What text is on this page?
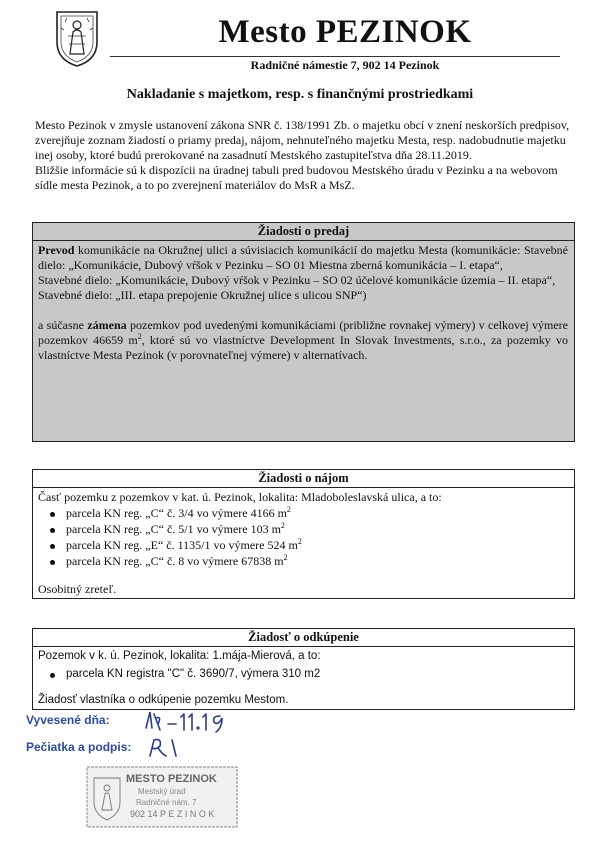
Mesto PEZINOK
Radničné námestie 7, 902 14 Pezinok
Nakladanie s majetkom, resp. s finančnými prostriedkami

Mesto Pezinok v zmysle ustanovení zákona SNR č. 138/1991 Zb. o majetku obcí v znení neskorších predpisov, zverejňuje zoznam žiadostí o priamy predaj, nájom, nehnuteľného majetku Mesta, resp. nadobudnutie majetku inej osoby, ktoré budú prerokované na zasadnutí Mestského zastupiteľstva dňa 28.11.2019.

Bližšie informácie sú k dispozícii na úradnej tabuli pred budovou Mestského úradu v Pezinku a na webovom sídle mesta Pezinok, a to po zverejnení materiálov do MsR a MsZ.

Žiadosti o predaj

Prevod komunikácie na Okružnej ulici a súvisiacich komunikácií do majetku Mesta (komunikácie: Stavebné dielo: „Komunikácie, Dubový vŕšok v Pezinku – SO 01 Miestna zberná komunikácia – I. etapa“,

Stavebné dielo: „Komunikácie, Dubový vŕšok v Pezinku – SO 02 účelové komunikácie územia – II. etapa“,

Stavebné dielo: „III. etapa prepojenie Okružnej ulice s ulicou SNP“)

a súčasne zámena pozemkov pod uvedenými komunikáciami (približne rovnakej výmery) v celkovej výmere pozemkov 46659 $m^2$, ktoré sú vo vlastníctve Development In Slovak Investments, s.r.o., za pozemky vo vlastníctve Mesta Pezinok (v porovnateľnej výmere) v alternatívach.

Žiadosti o nájom
Časť pozemku z pozemkov v kat. ú. Pezinok, lokalita: Mladoboleslavská ulica, a to:
parcela KN reg. „C“ č. 3/4 vo výmere 4166 $m^2$
parcela KN reg. „C“ č. 5/1 vo výmere 103 $m^2$
parcela KN reg. „E“ č. 1135/1 vo výmere 524 $m^2$
parcela KN reg. „C“ č. 8 vo výmere 67838 $m^2$
Osobitný zreteľ.
Žiadosť o odkúpenie
Pozemok v k. ú. Pezinok, lokalita: 1.mája-Mierová, a to:
parcela KN registra "C" č. 3690/7, výmera 310 m2
Žiadosť vlastníka o odkúpenie pozemku Mestom.
Vyvesené dňa:
Pečiatka a podpis:
MESTO PEZINOK
Mestský úrad
Radničné nám. 7
902 14 P E Z I N O K
